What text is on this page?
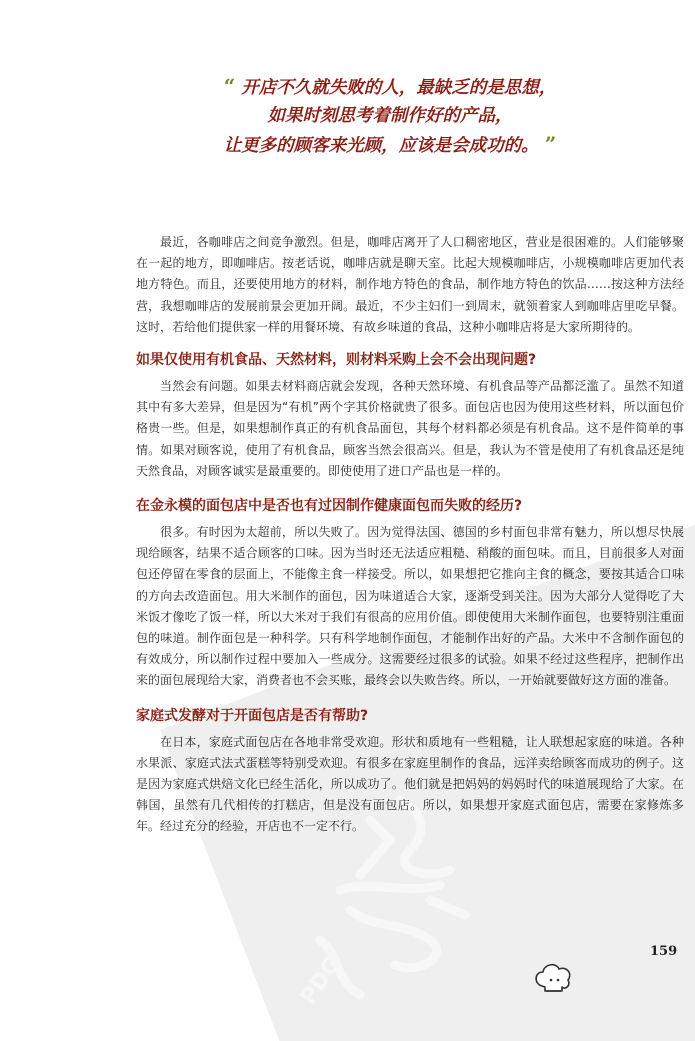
PDG
“ 开店不久就失败的人，最缺乏的是思想，
如果时刻思考着制作好的产品，
让更多的顾客来光顾，应该是会成功的。 ”

最近，各咖啡店之间竞争激烈。但是，咖啡店离开了人口稠密地区，营业是很困难的。人们能够聚在一起的地方，即咖啡店。按老话说，咖啡店就是聊天室。比起大规模咖啡店，小规模咖啡店更加代表地方特色。而且，还要使用地方的材料，制作地方特色的食品，制作地方特色的饮品……按这种方法经营，我想咖啡店的发展前景会更加开阔。最近，不少主妇们一到周末，就领着家人到咖啡店里吃早餐。这时，若给他们提供家一样的用餐环境、有故乡味道的食品，这种小咖啡店将是大家所期待的。

如果仅使用有机食品、天然材料，则材料采购上会不会出现问题?

当然会有问题。如果去材料商店就会发现，各种天然环境、有机食品等产品都泛滥了。虽然不知道其中有多大差异，但是因为“有机”两个字其价格就贵了很多。面包店也因为使用这些材料，所以面包价格贵一些。但是，如果想制作真正的有机食品面包，其每个材料都必须是有机食品。这不是件简单的事情。如果对顾客说，使用了有机食品，顾客当然会很高兴。但是，我认为不管是使用了有机食品还是纯天然食品，对顾客诚实是最重要的。即使使用了进口产品也是一样的。

在金永模的面包店中是否也有过因制作健康面包而失败的经历?

很多。有时因为太超前，所以失败了。因为觉得法国、德国的乡村面包非常有魅力，所以想尽快展现给顾客，结果不适合顾客的口味。因为当时还无法适应粗糙、稍酸的面包味。而且，目前很多人对面包还停留在零食的层面上，不能像主食一样接受。所以，如果想把它推向主食的概念，要按其适合口味的方向去改造面包。用大米制作的面包，因为味道适合大家，逐渐受到关注。因为大部分人觉得吃了大米饭才像吃了饭一样，所以大米对于我们有很高的应用价值。即使使用大米制作面包，也要特别注重面包的味道。制作面包是一种科学。只有科学地制作面包，才能制作出好的产品。大米中不含制作面包的有效成分，所以制作过程中要加入一些成分。这需要经过很多的试验。如果不经过这些程序，把制作出来的面包展现给大家，消费者也不会买账，最终会以失败告终。所以，一开始就要做好这方面的准备。

家庭式发酵对于开面包店是否有帮助?

在日本，家庭式面包店在各地非常受欢迎。形状和质地有一些粗糙，让人联想起家庭的味道。各种水果派、家庭式法式蛋糕等特别受欢迎。有很多在家庭里制作的食品，远洋卖给顾客而成功的例子。这是因为家庭式烘焙文化已经生活化，所以成功了。他们就是把妈妈的妈妈时代的味道展现给了大家。在韩国，虽然有几代相传的打糕店，但是没有面包店。所以，如果想开家庭式面包店，需要在家修炼多年。经过充分的经验，开店也不一定不行。

159
